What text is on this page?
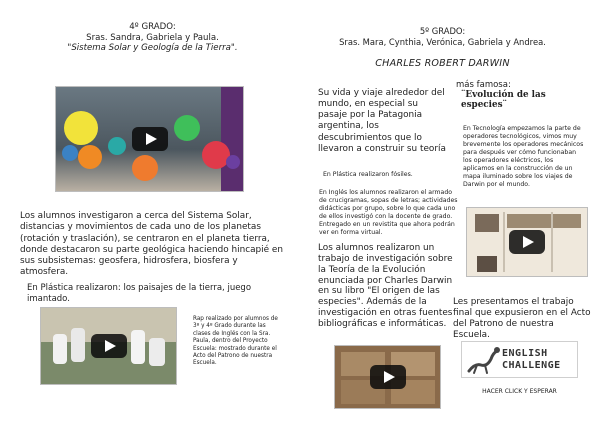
4º GRADO:
Sras. Sandra, Gabriela y Paula.
"Sistema Solar y Geología de la Tierra".
Los alumnos investigaron a cerca del Sistema Solar, distancias y movimientos de cada uno de los planetas (rotación y traslación), se centraron en el planeta tierra, donde destacaron su parte geológica haciendo hincapié en sus subsistemas: geosfera, hidrosfera, biosfera y atmosfera.
En Plástica realizaron: los paisajes de la tierra, juego imantado.
Rap realizado por alumnos de 3º y 4º Grado durante las clases de Inglés con la Sra. Paula, dentro del Proyecto Escuela: mostrado durante el Acto del Patrono de nuestra Escuela.
5º GRADO:
Sras. Mara, Cynthia, Verónica, Gabriela y Andrea.
CHARLES ROBERT DARWIN
Su vida y viaje alrededor del mundo, en especial su pasaje por la Patagonia argentina, los descubrimientos que lo llevaron a construir su teoría
más famosa:
¨Evolución de las especies¨
En Tecnología empezamos la parte de operadores tecnológicos, vimos muy brevemente los operadores mecánicos para después ver cómo funcionaban los operadores eléctricos, los aplicamos en la construcción de un mapa iluminado sobre los viajes de Darwin por el mundo.
En Plástica realizaron fósiles.
En Inglés los alumnos realizaron el armado de crucigramas, sopas de letras; actividades didácticas por grupo, sobre lo que cada uno de ellos investigó con la docente de grado. Entregado en un revistita que ahora podrán ver en forma virtual.
Los alumnos realizaron un trabajo de investigación sobre la Teoría de la Evolución enunciada por Charles Darwin en su libro "El origen de las especies". Además de la investigación en otras fuentes bibliográficas e informáticas.
Les presentamos el trabajo final que expusieron en el Acto del Patrono de nuestra Escuela.
ENGLISH
CHALLENGE
HACER CLICK Y ESPERAR
